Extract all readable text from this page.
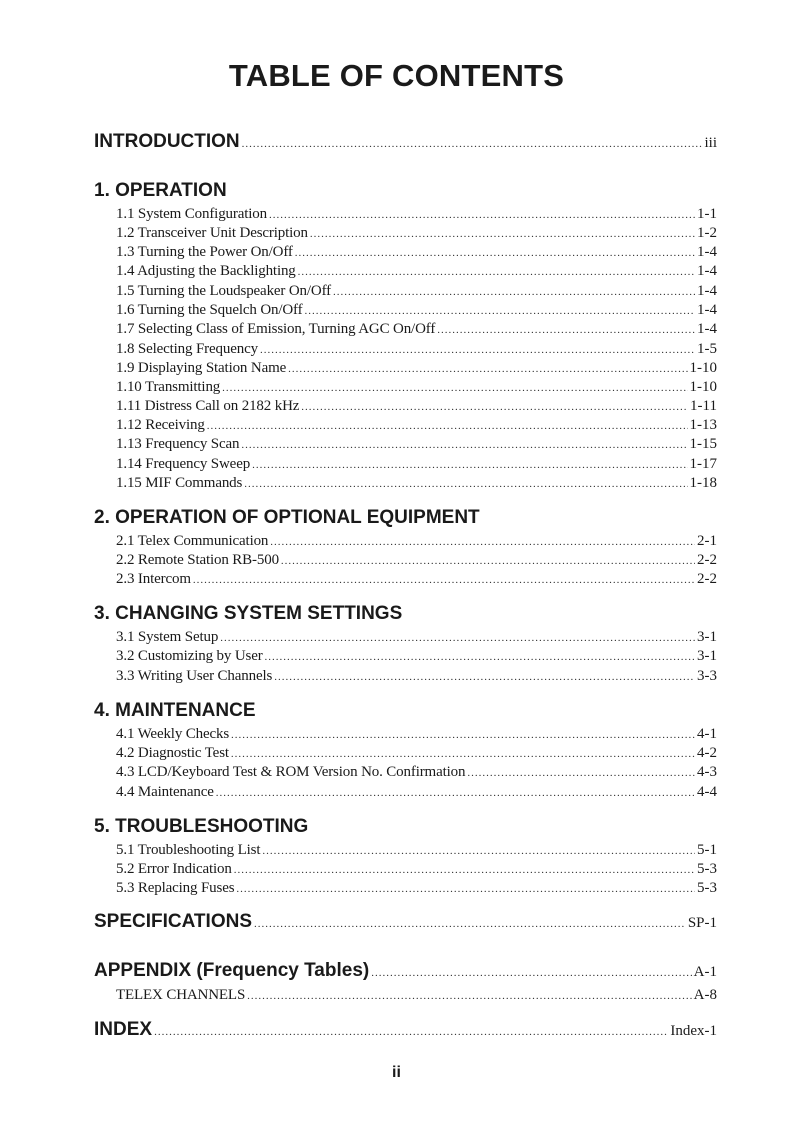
TABLE OF CONTENTS
INTRODUCTION .....	iii
1. OPERATION
1.1 System Configuration .....	1-1
1.2 Transceiver Unit Description .....	1-2
1.3 Turning the Power On/Off .....	1-4
1.4 Adjusting the Backlighting .....	1-4
1.5 Turning the Loudspeaker On/Off .....	1-4
1.6 Turning the Squelch On/Off .....	1-4
1.7 Selecting Class of Emission, Turning AGC On/Off .....	1-4
1.8 Selecting Frequency .....	1-5
1.9 Displaying Station Name .....	1-10
1.10 Transmitting .....	1-10
1.11 Distress Call on 2182 kHz .....	1-11
1.12 Receiving .....	1-13
1.13 Frequency Scan .....	1-15
1.14 Frequency Sweep .....	1-17
1.15 MIF Commands .....	1-18
2. OPERATION OF OPTIONAL EQUIPMENT
2.1 Telex Communication .....	2-1
2.2 Remote Station RB-500 .....	2-2
2.3 Intercom .....	2-2
3. CHANGING SYSTEM SETTINGS
3.1 System Setup .....	3-1
3.2 Customizing by User .....	3-1
3.3 Writing User Channels .....	3-3
4. MAINTENANCE
4.1 Weekly Checks .....	4-1
4.2 Diagnostic Test .....	4-2
4.3 LCD/Keyboard Test & ROM Version No. Confirmation .....	4-3
4.4 Maintenance .....	4-4
5. TROUBLESHOOTING
5.1 Troubleshooting List .....	5-1
5.2 Error Indication .....	5-3
5.3 Replacing Fuses .....	5-3
SPECIFICATIONS .....	SP-1
APPENDIX (Frequency Tables) .....	A-1
TELEX CHANNELS .....	A-8
INDEX .....	Index-1
ii
